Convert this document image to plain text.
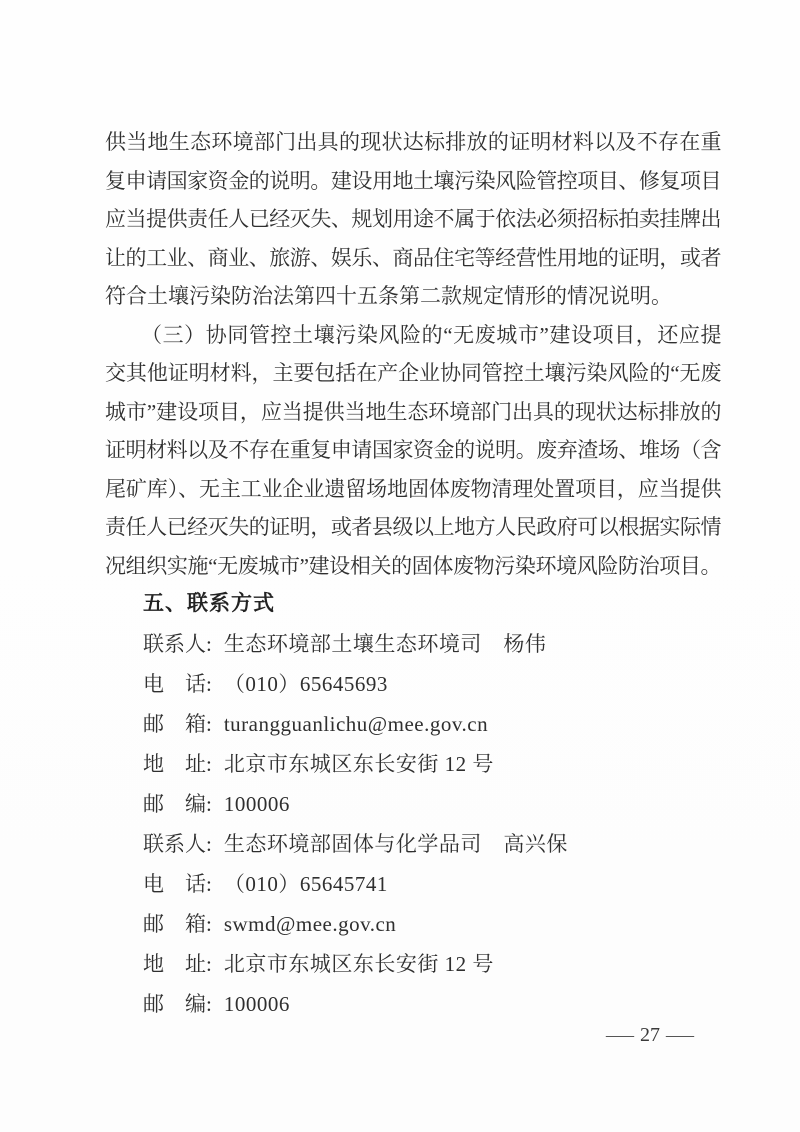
供当地生态环境部门出具的现状达标排放的证明材料以及不存在重
复申请国家资金的说明。建设用地土壤污染风险管控项目、修复项目
应当提供责任人已经灭失、规划用途不属于依法必须招标拍卖挂牌出
让的工业、商业、旅游、娱乐、商品住宅等经营性用地的证明，或者
符合土壤污染防治法第四十五条第二款规定情形的情况说明。
（三）协同管控土壤污染风险的“无废城市”建设项目，还应提
交其他证明材料，主要包括在产企业协同管控土壤污染风险的“无废
城市”建设项目，应当提供当地生态环境部门出具的现状达标排放的
证明材料以及不存在重复申请国家资金的说明。废弃渣场、堆场（含
尾矿库）、无主工业企业遗留场地固体废物清理处置项目，应当提供
责任人已经灭失的证明，或者县级以上地方人民政府可以根据实际情
况组织实施“无废城市”建设相关的固体废物污染环境风险防治项目。
五、联系方式
联系人: 生态环境部土壤生态环境司　杨伟
电　话: （010）65645693
邮　箱: turangguanlichu@mee.gov.cn
地　址: 北京市东城区东长安街 12 号
邮　编: 100006
联系人: 生态环境部固体与化学品司　高兴保
电　话: （010）65645741
邮　箱: swmd@mee.gov.cn
地　址: 北京市东城区东长安街 12 号
邮　编: 100006
— 27 —
